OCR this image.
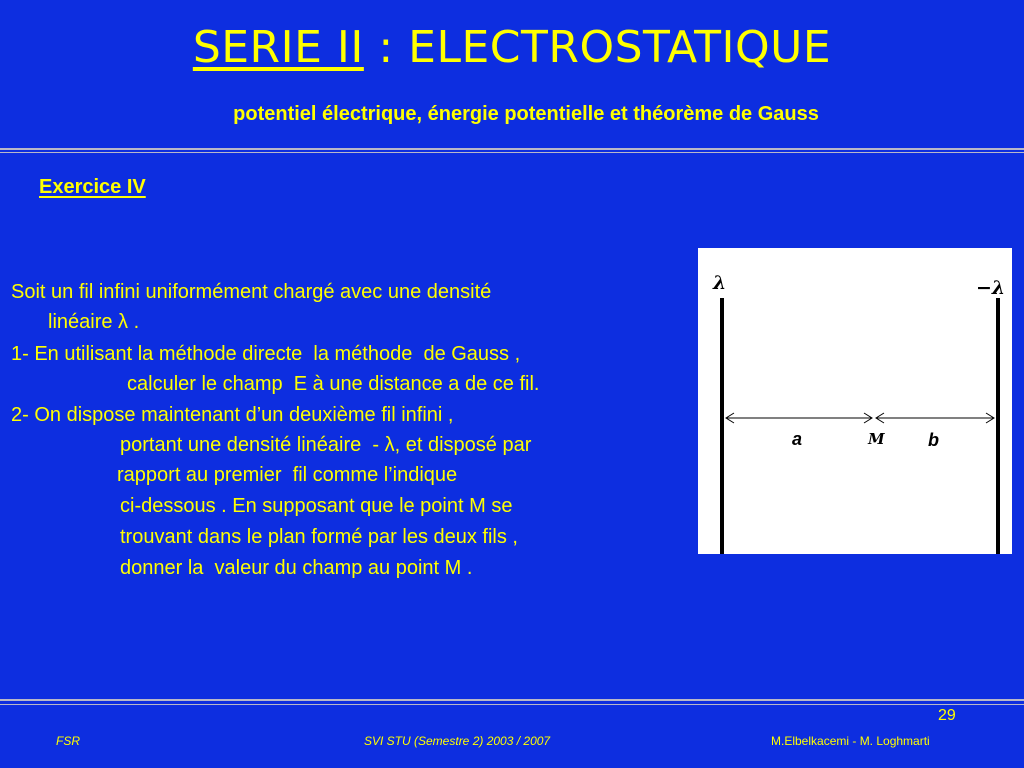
SERIE II : ELECTROSTATIQUE
potentiel électrique, énergie potentielle et théorème de Gauss
Exercice IV
Soit un fil infini uniformément chargé avec une densité
linéaire λ .
1- En utilisant la méthode directe  la méthode  de Gauss ,
calculer le champ  E à une distance a de ce fil.
2- On dispose maintenant d’un deuxième fil infini ,
portant une densité linéaire  - λ, et disposé par
rapport au premier  fil comme l’indique
ci-dessous . En supposant que le point M se
trouvant dans le plan formé par les deux fils ,
donner la  valeur du champ au point M .
λ	−λ
a	M b
29
FSR	SVI STU (Semestre 2) 2003 / 2007	M.Elbelkacemi - M. Loghmarti
